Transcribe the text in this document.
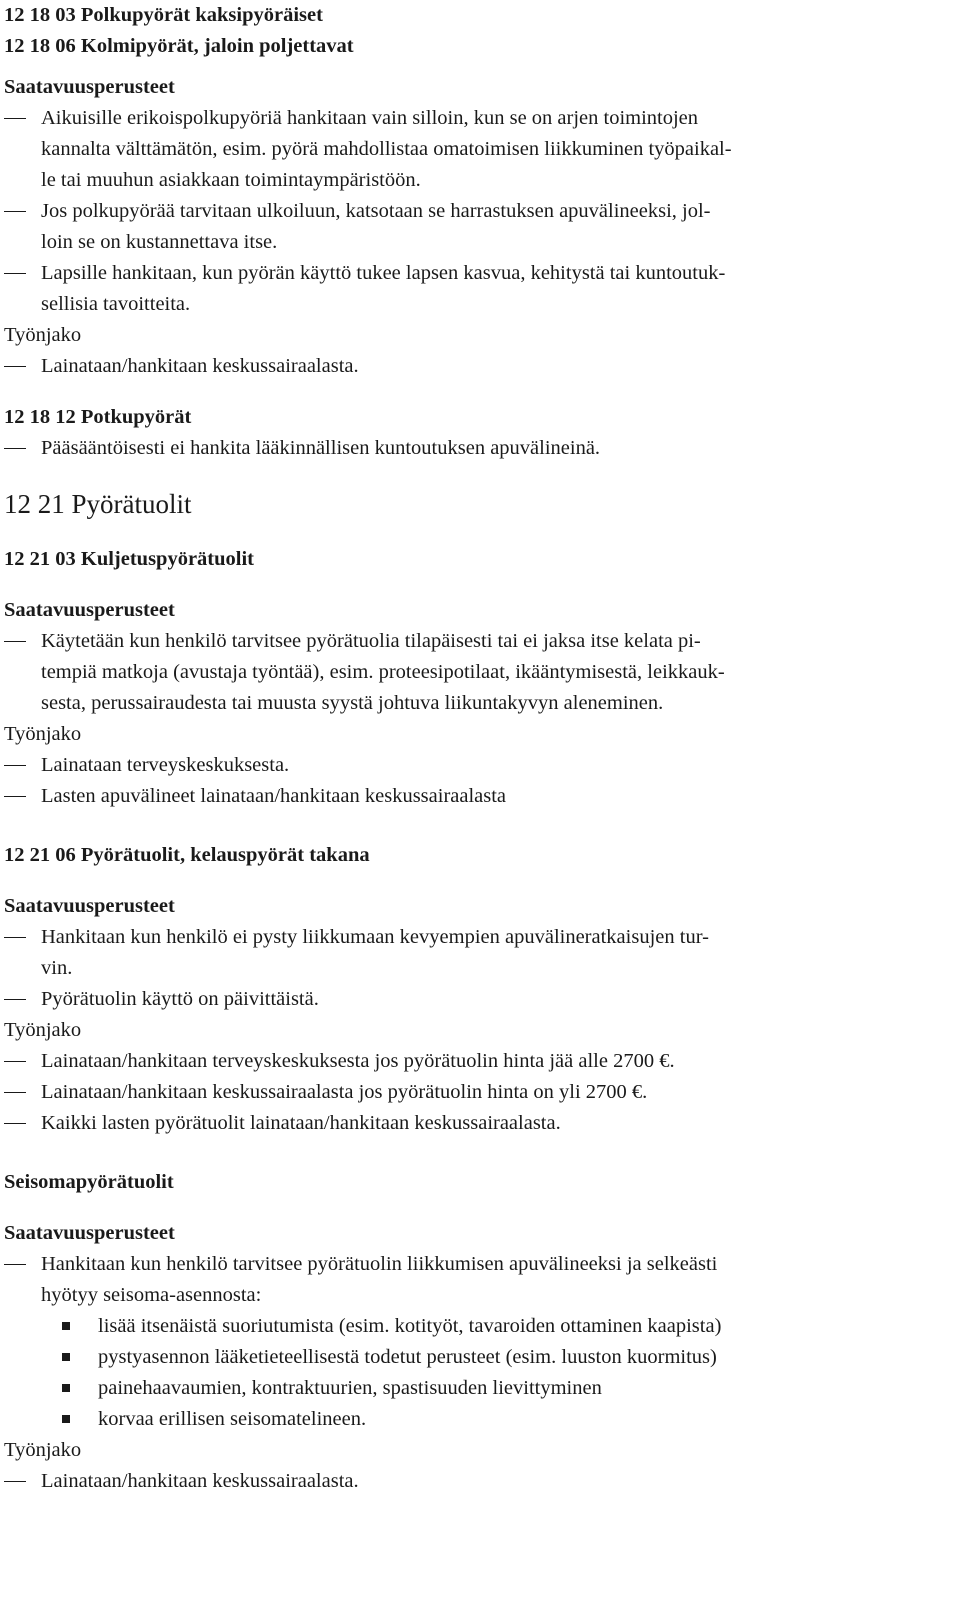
12 18 03 Polkupyörät kaksipyöräiset
12 18 06 Kolmipyörät, jaloin poljettavat
Saatavuusperusteet
Aikuisille erikoispolkupyöriä hankitaan vain silloin, kun se on arjen toimintojen
kannalta välttämätön, esim. pyörä mahdollistaa omatoimisen liikkuminen työpaikal-
le tai muuhun asiakkaan toimintaympäristöön.
Jos polkupyörää tarvitaan ulkoiluun, katsotaan se harrastuksen apuvälineeksi, jol-
loin se on kustannettava itse.
Lapsille hankitaan, kun pyörän käyttö tukee lapsen kasvua, kehitystä tai kuntoutuk-
sellisia tavoitteita.
Työnjako
Lainataan/hankitaan keskussairaalasta.
12 18 12 Potkupyörät
Pääsääntöisesti ei hankita lääkinnällisen kuntoutuksen apuvälineinä.
12 21 Pyörätuolit
12 21 03 Kuljetuspyörätuolit
Saatavuusperusteet
Käytetään kun henkilö tarvitsee pyörätuolia tilapäisesti tai ei jaksa itse kelata pi-
tempiä matkoja (avustaja työntää), esim. proteesipotilaat, ikääntymisestä, leikkauk-
sesta, perussairaudesta tai muusta syystä johtuva liikuntakyvyn aleneminen.
Työnjako
Lainataan terveyskeskuksesta.
Lasten apuvälineet lainataan/hankitaan keskussairaalasta
12 21 06 Pyörätuolit, kelauspyörät takana
Saatavuusperusteet
Hankitaan kun henkilö ei pysty liikkumaan kevyempien apuvälineratkaisujen tur-
vin.
Pyörätuolin käyttö on päivittäistä.
Työnjako
Lainataan/hankitaan terveyskeskuksesta jos pyörätuolin hinta jää alle 2700 €.
Lainataan/hankitaan keskussairaalasta jos pyörätuolin hinta on yli 2700 €.
Kaikki lasten pyörätuolit lainataan/hankitaan keskussairaalasta.
Seisomapyörätuolit
Saatavuusperusteet
Hankitaan kun henkilö tarvitsee pyörätuolin liikkumisen apuvälineeksi ja selkeästi
hyötyy seisoma-asennosta:
lisää itsenäistä suoriutumista (esim. kotityöt, tavaroiden ottaminen kaapista)
pystyasennon lääketieteellisestä todetut perusteet (esim. luuston kuormitus)
painehaavaumien, kontraktuurien, spastisuuden lievittyminen
korvaa erillisen seisomatelineen.
Työnjako
Lainataan/hankitaan keskussairaalasta.
